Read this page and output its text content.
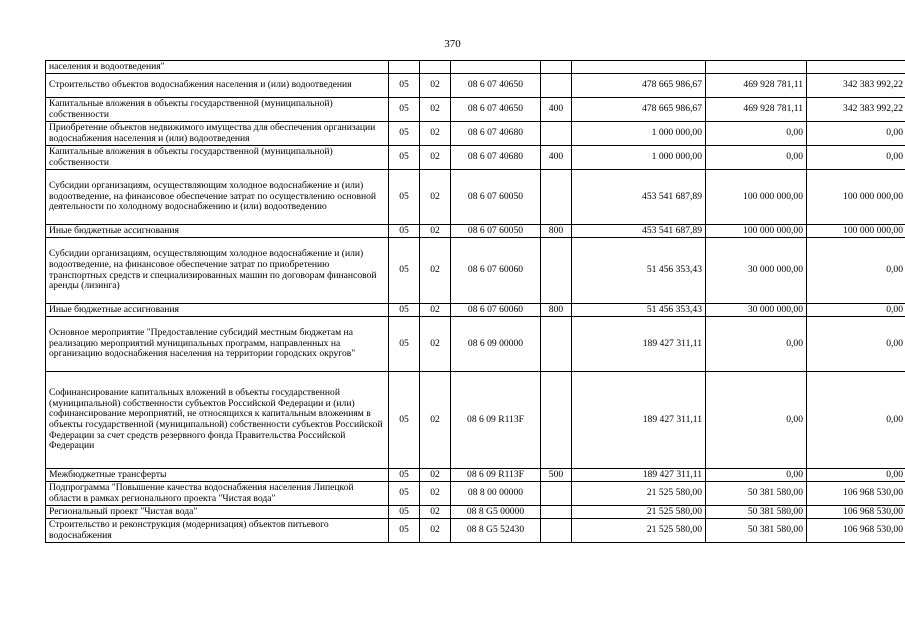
370
населения и водоотведения"							
Строительство объектов водоснабжения населения и (или) водоотведения	05	02	08 6 07 40650		478 665 986,67	469 928 781,11	342 383 992,22
Капитальные вложения в объекты государственной (муниципальной) собственности	05	02	08 6 07 40650	400	478 665 986,67	469 928 781,11	342 383 992,22
Приобретение объектов недвижимого имущества для обеспечения организации водоснабжения населения и (или) водоотведения	05	02	08 6 07 40680		1 000 000,00	0,00	0,00
Капитальные вложения в объекты государственной (муниципальной) собственности	05	02	08 6 07 40680	400	1 000 000,00	0,00	0,00
Субсидии организациям, осуществляющим холодное водоснабжение и (или) водоотведение, на финансовое обеспечение затрат по осуществлению основной деятельности по холодному водоснабжению и (или) водоотведению	05	02	08 6 07 60050		453 541 687,89	100 000 000,00	100 000 000,00
Иные бюджетные ассигнования	05	02	08 6 07 60050	800	453 541 687,89	100 000 000,00	100 000 000,00
Субсидии организациям, осуществляющим холодное водоснабжение и (или) водоотведение, на финансовое обеспечение затрат по приобретению транспортных средств и специализированных машин по договорам финансовой аренды (лизинга)	05	02	08 6 07 60060		51 456 353,43	30 000 000,00	0,00
Иные бюджетные ассигнования	05	02	08 6 07 60060	800	51 456 353,43	30 000 000,00	0,00
Основное мероприятие "Предоставление субсидий местным бюджетам на реализацию мероприятий муниципальных программ, направленных на организацию водоснабжения населения на территории городских округов"	05	02	08 6 09 00000		189 427 311,11	0,00	0,00
Софинансирование капитальных вложений в объекты государственной (муниципальной) собственности субъектов Российской Федерации и (или) софинансирование мероприятий, не относящихся к капитальным вложениям в объекты государственной (муниципальной) собственности субъектов Российской Федерации за счет средств резервного фонда Правительства Российской Федерации	05	02	08 6 09 R113F		189 427 311,11	0,00	0,00
Межбюджетные трансферты	05	02	08 6 09 R113F	500	189 427 311,11	0,00	0,00
Подпрограмма "Повышение качества водоснабжения населения Липецкой области в рамках регионального проекта "Чистая вода"	05	02	08 8 00 00000		21 525 580,00	50 381 580,00	106 968 530,00
Региональный проект "Чистая вода"	05	02	08 8 G5 00000		21 525 580,00	50 381 580,00	106 968 530,00
Строительство и реконструкция (модернизация) объектов питьевого водоснабжения	05	02	08 8 G5 52430		21 525 580,00	50 381 580,00	106 968 530,00
